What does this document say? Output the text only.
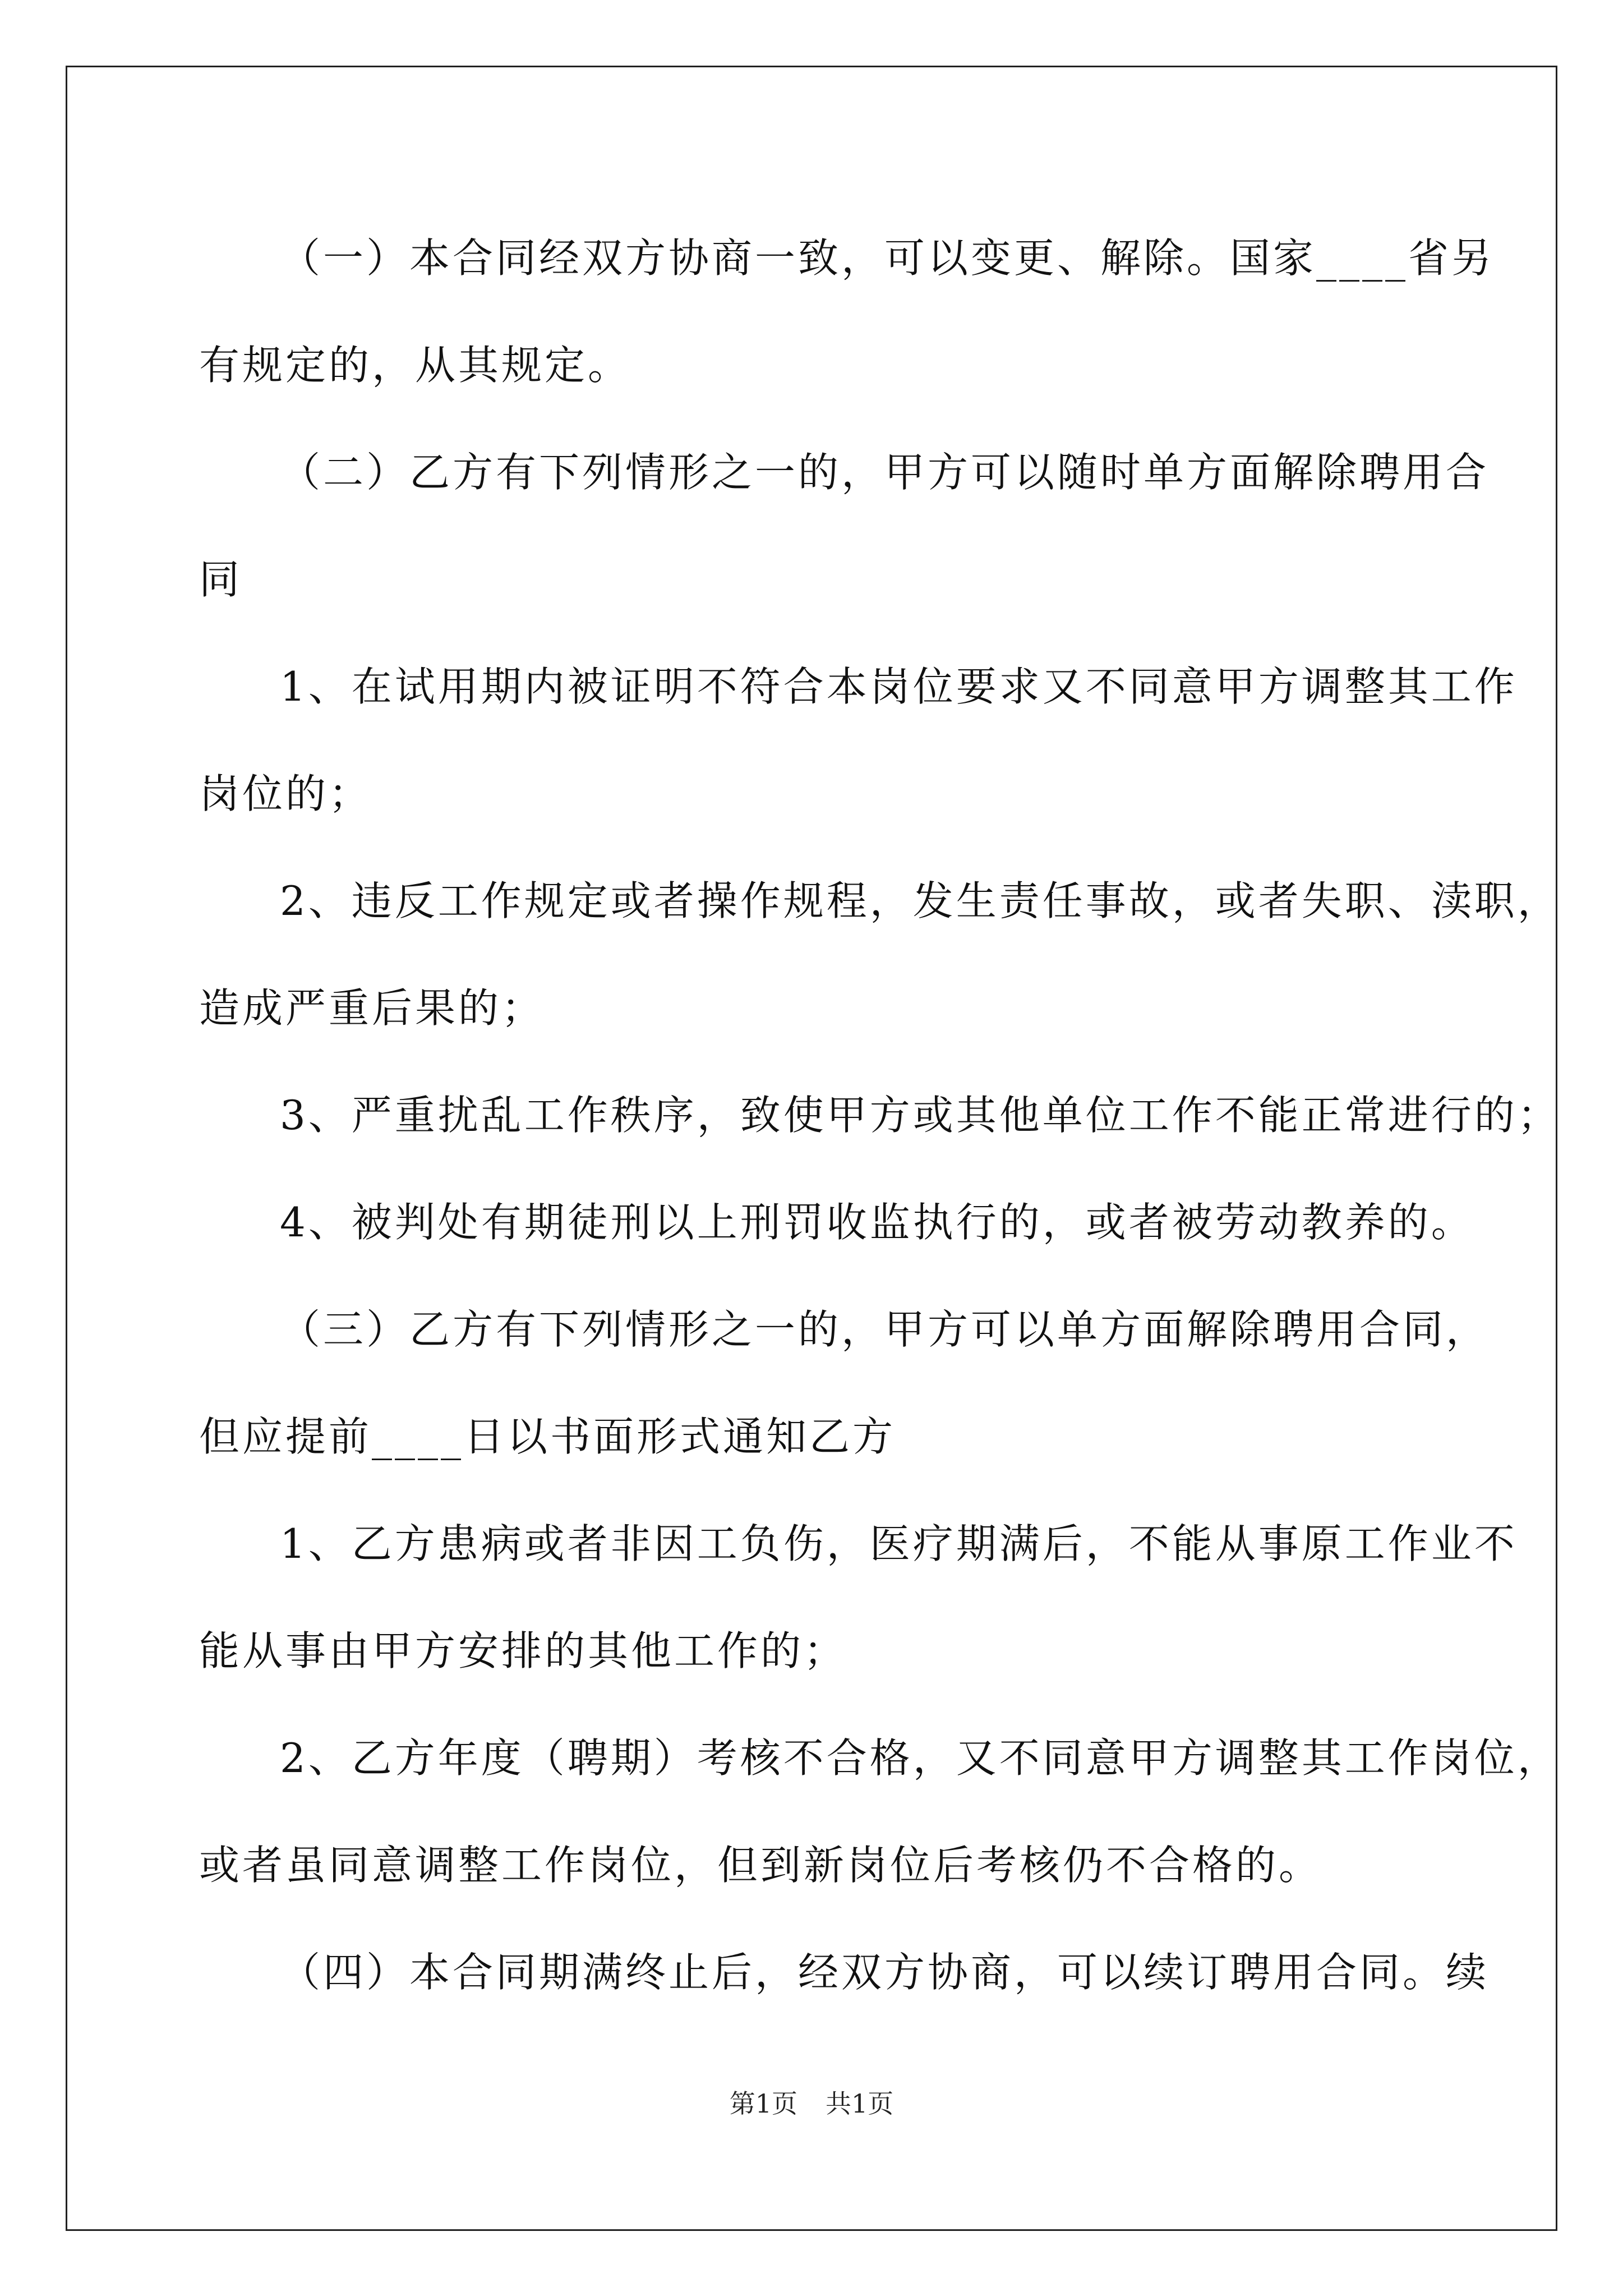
（一）本合同经双方协商一致，可以变更、解除。国家____省另

有规定的，从其规定。

（二）乙方有下列情形之一的，甲方可以随时单方面解除聘用合

同

1、在试用期内被证明不符合本岗位要求又不同意甲方调整其工作

岗位的；

2、违反工作规定或者操作规程，发生责任事故，或者失职、渎职，

造成严重后果的；

3、严重扰乱工作秩序，致使甲方或其他单位工作不能正常进行的；

4、被判处有期徒刑以上刑罚收监执行的，或者被劳动教养的。

（三）乙方有下列情形之一的，甲方可以单方面解除聘用合同，

但应提前____日以书面形式通知乙方

1、乙方患病或者非因工负伤，医疗期满后，不能从事原工作业不

能从事由甲方安排的其他工作的；

2、乙方年度（聘期）考核不合格，又不同意甲方调整其工作岗位，

或者虽同意调整工作岗位，但到新岗位后考核仍不合格的。

（四）本合同期满终止后，经双方协商，可以续订聘用合同。续

第1页 共1页
